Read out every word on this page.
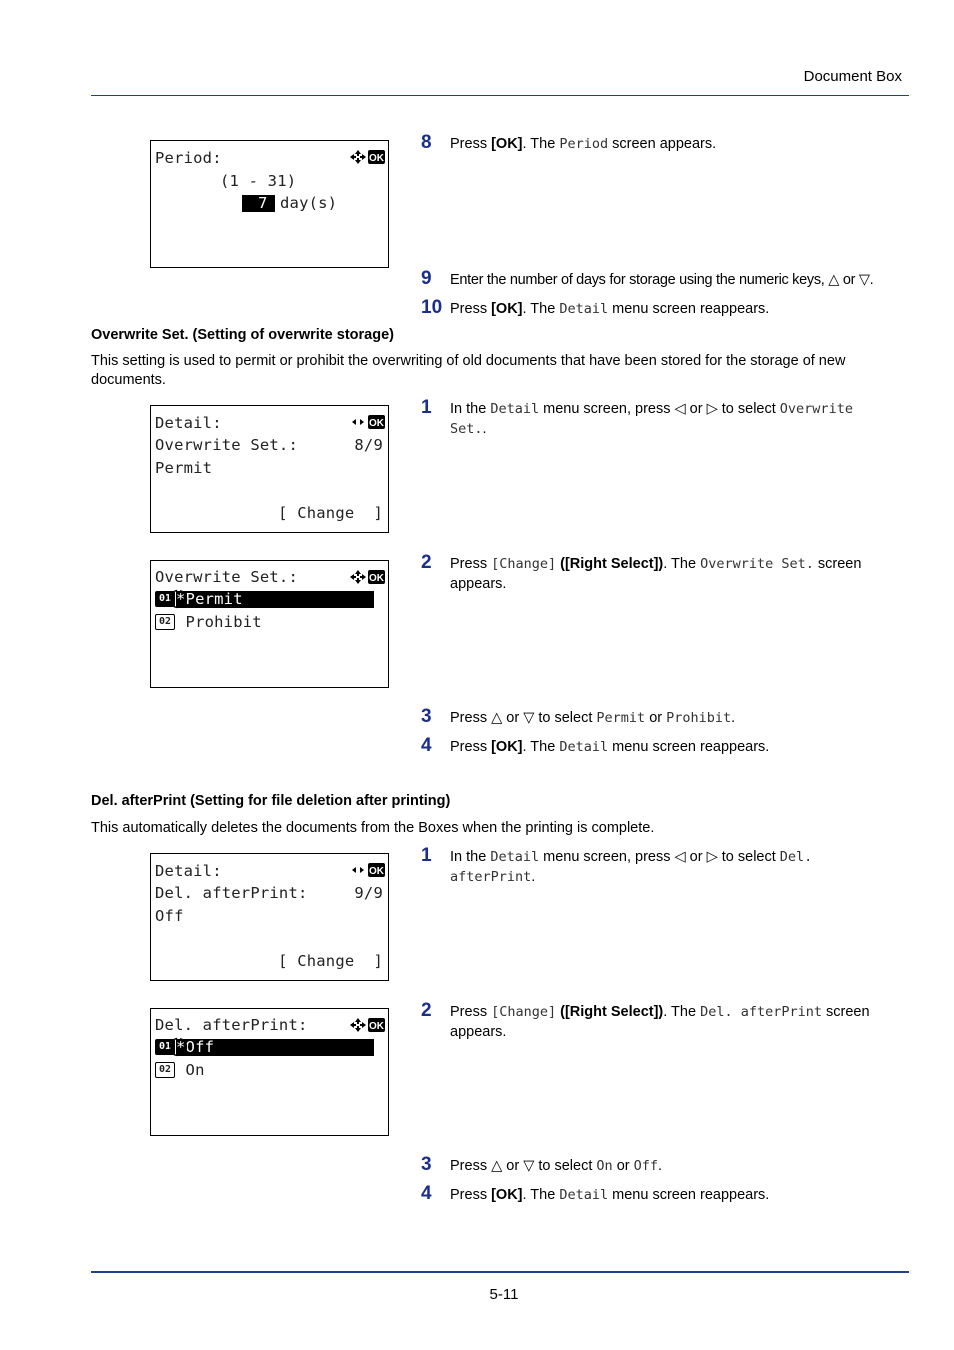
Document Box
Period:	OK
(1 - 31)
7 day(s)
8 Press [OK]. The Period screen appears.
9 Enter the number of days for storage using the numeric keys, △ or ▽.
10 Press [OK]. The Detail menu screen reappears.
Overwrite Set. (Setting of overwrite storage)
This setting is used to permit or prohibit the overwriting of old documents that have been stored for the storage of new documents.
Detail:	OK
Overwrite Set.:	8/9
Permit
[ Change  ]
1 In the Detail menu screen, press ◁ or ▷ to select Overwrite Set..
Overwrite Set.:	OK
01 *Permit
02 Prohibit
2 Press [Change] ([Right Select]). The Overwrite Set. screen appears.
3 Press △ or ▽ to select Permit or Prohibit.
4 Press [OK]. The Detail menu screen reappears.
Del. afterPrint (Setting for file deletion after printing)
This automatically deletes the documents from the Boxes when the printing is complete.
Detail:	OK
Del. afterPrint:	9/9
Off
[ Change  ]
1 In the Detail menu screen, press ◁ or ▷ to select Del. afterPrint.
Del. afterPrint:	OK
01 *Off
02 On
2 Press [Change] ([Right Select]). The Del. afterPrint screen appears.
3 Press △ or ▽ to select On or Off.
4 Press [OK]. The Detail menu screen reappears.
5-11
